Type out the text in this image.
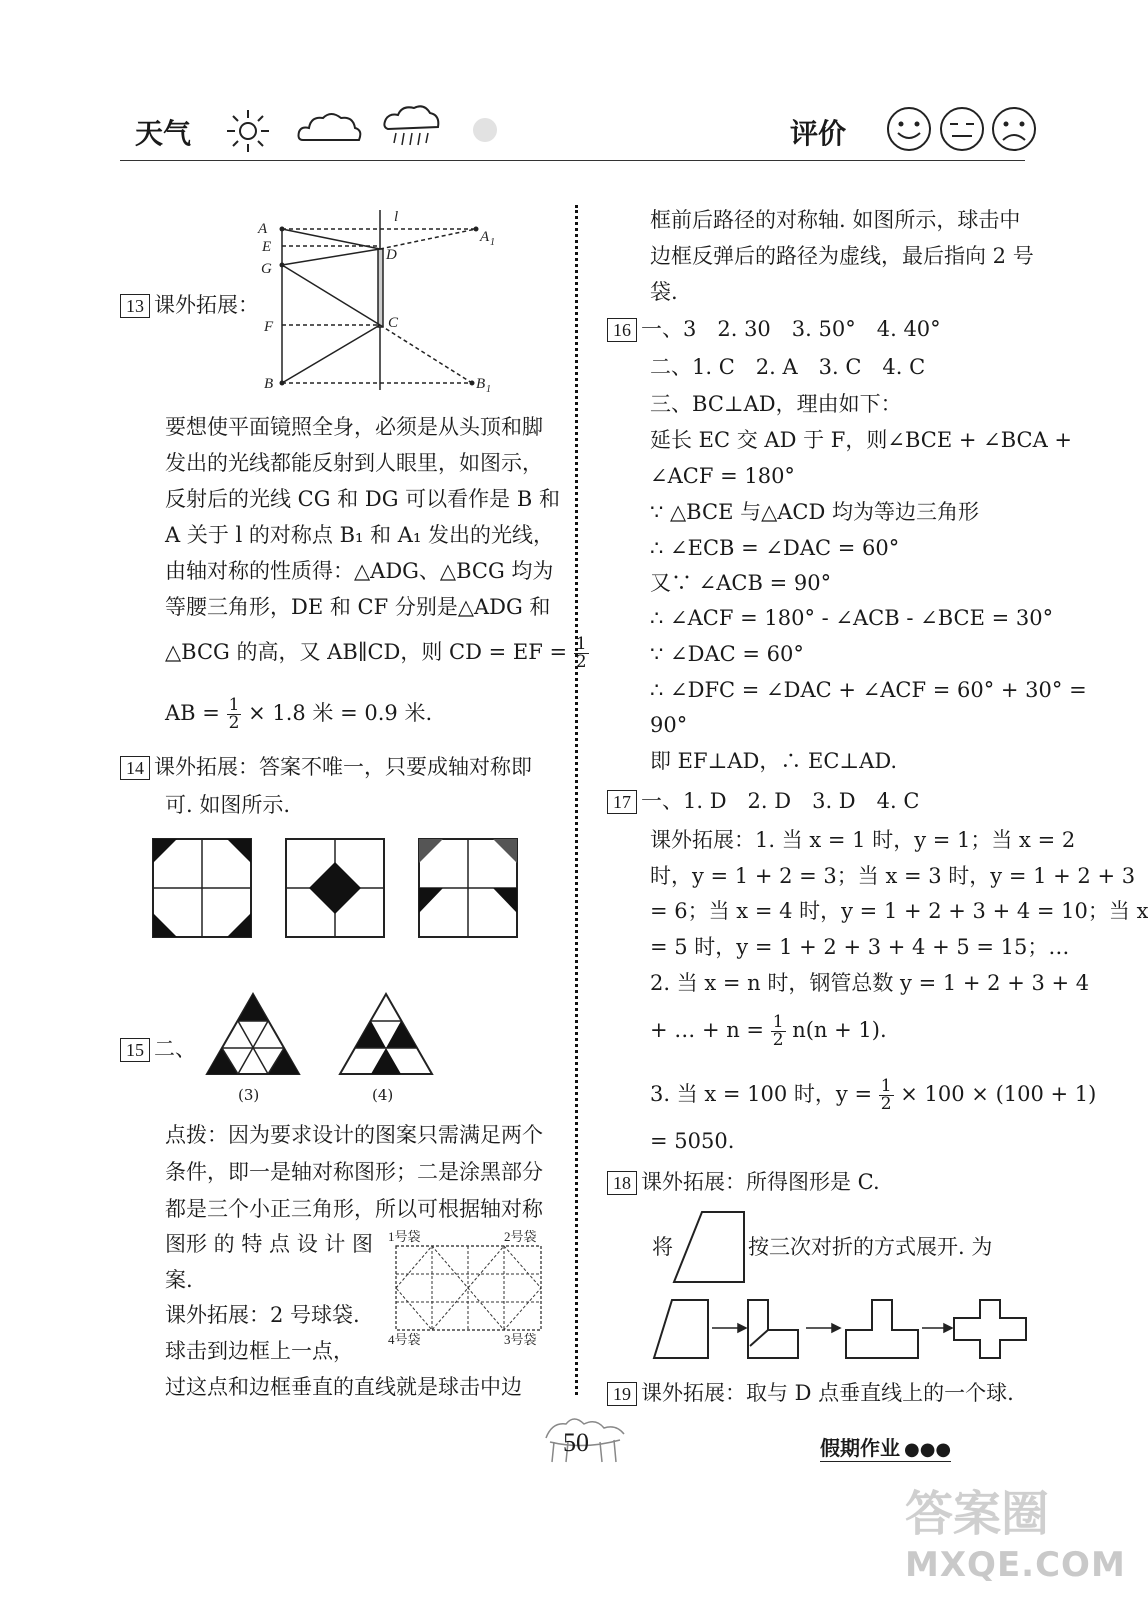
天气	评价
A
E
G
F
B
l
D
C
A 1
B 1
13 课外拓展：
要想使平面镜照全身，必须是从头顶和脚
发出的光线都能反射到人眼里，如图示，
反射后的光线 CG 和 DG 可以看作是 B 和
A 关于 l 的对称点 B₁ 和 A₁ 发出的光线，
由轴对称的性质得：△ADG、△BCG 均为
等腰三角形，DE 和 CF 分别是△ADG 和
△BCG 的高，又 AB∥CD，则 CD = EF = $\frac{1}{2}$
AB = $\frac{1}{2} \times 1.8$ 米 = 0.9 米.
14 课外拓展：答案不唯一，只要成轴对称即
可. 如图所示.
15 二、
(3)	(4)
点拨：因为要求设计的图案只需满足两个
条件，即一是轴对称图形；二是涂黑部分
都是三个小正三角形，所以可根据轴对称
图形 的 特 点 设 计 图
案.
课外拓展：2 号球袋.
球击到边框上一点，
过这点和边框垂直的直线就是球击中边
1号袋	2号袋
4号袋	3号袋
框前后路径的对称轴. 如图所示，球击中
边框反弹后的路径为虚线，最后指向 2 号
袋.
16 一、3　2. 30　3. 50°　4. 40°
二、1. C　2. A　3. C　4. C
三、BC⊥AD，理由如下：
延长 EC 交 AD 于 F，则∠BCE + ∠BCA +
∠ACF = 180°
∵ △BCE 与△ACD 均为等边三角形
∴ ∠ECB = ∠DAC = 60°
又∵ ∠ACB = 90°
∴ ∠ACF = 180° - ∠ACB - ∠BCE = 30°
∵ ∠DAC = 60°
∴ ∠DFC = ∠DAC + ∠ACF = 60° + 30° =
90°
即 EF⊥AD，∴ EC⊥AD.
17 一、1. D　2. D　3. D　4. C
课外拓展：1. 当 x = 1 时，y = 1；当 x = 2
时，y = 1 + 2 = 3；当 x = 3 时，y = 1 + 2 + 3
= 6；当 x = 4 时，y = 1 + 2 + 3 + 4 = 10；当 x
= 5 时，y = 1 + 2 + 3 + 4 + 5 = 15；…
2. 当 x = n 时，钢管总数 y = 1 + 2 + 3 + 4
+ … + $n = \frac{1}{2} n(n + 1)$.
3. 当 x = 100 时，$y = \frac{1}{2} \times 100 \times (100 + 1)$
= 5050.
18 课外拓展：所得图形是 C.
将	按三次对折的方式展开. 为
19 课外拓展：取与 D 点垂直线上的一个球.
50	假期作业 ●●●
答案圈
MXQE.COM
